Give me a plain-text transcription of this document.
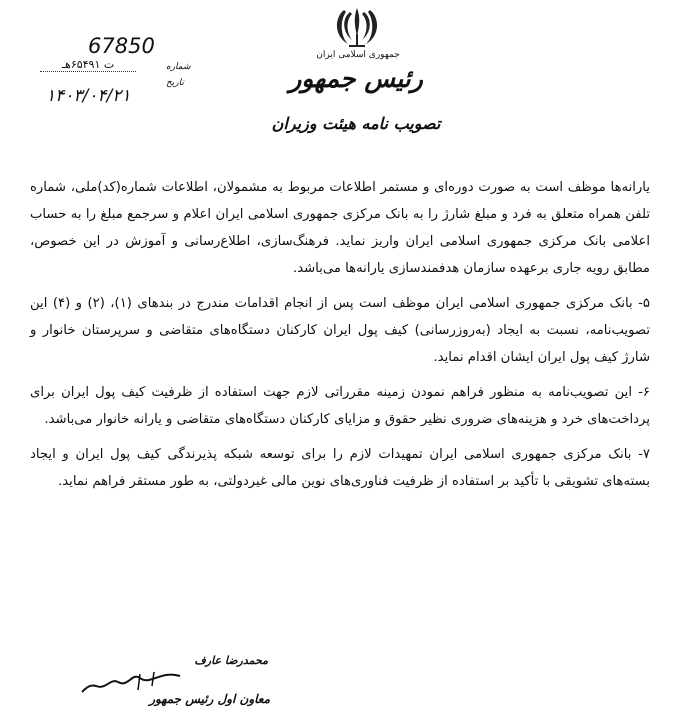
جمهوری اسلامی ایران
رئیس جمهور
تصویب نامه هیئت وزیران
67850
شماره
تاریخ
ت ۶۵۴۹۱هـ
۱۴۰۳/۰۴/۲۱

یارانه‌ها موظف است به صورت دوره‌ای و مستمر اطلاعات مربوط به مشمولان، اطلاعات شماره(کد)ملی، شماره تلفن همراه متعلق به فرد و مبلغ شارژ را به بانک مرکزی جمهوری اسلامی ایران اعلام و سرجمع مبلغ را به حساب اعلامی بانک مرکزی جمهوری اسلامی ایران واریز نماید. فرهنگ‌سازی، اطلاع‌رسانی و آموزش در این خصوص، مطابق رویه جاری برعهده سازمان هدفمندسازی یارانه‌ها می‌باشد.

۵- بانک مرکزی جمهوری اسلامی ایران موظف است پس از انجام اقدامات مندرج در بندهای (۱)، (۲) و (۴) این تصویب‌نامه، نسبت به ایجاد (به‌روزرسانی) کیف پول ایران کارکنان دستگاه‌های متقاضی و سرپرستان خانوار و شارژ کیف پول ایران ایشان اقدام نماید.

۶- این تصویب‌نامه به منظور فراهم نمودن زمینه مقرراتی لازم جهت استفاده از ظرفیت کیف پول ایران برای پرداخت‌های خرد و هزینه‌های ضروری نظیر حقوق و مزایای کارکنان دستگاه‌های متقاضی و یارانه خانوار می‌باشد.

۷- بانک مرکزی جمهوری اسلامی ایران تمهیدات لازم را برای توسعه شبکه پذیرندگی کیف پول ایران و ایجاد بسته‌های تشویقی با تأکید بر استفاده از ظرفیت فناوری‌های نوین مالی غیردولتی، به طور مستقر فراهم نماید.

محمدرضا عارف
معاون اول رئیس جمهور
